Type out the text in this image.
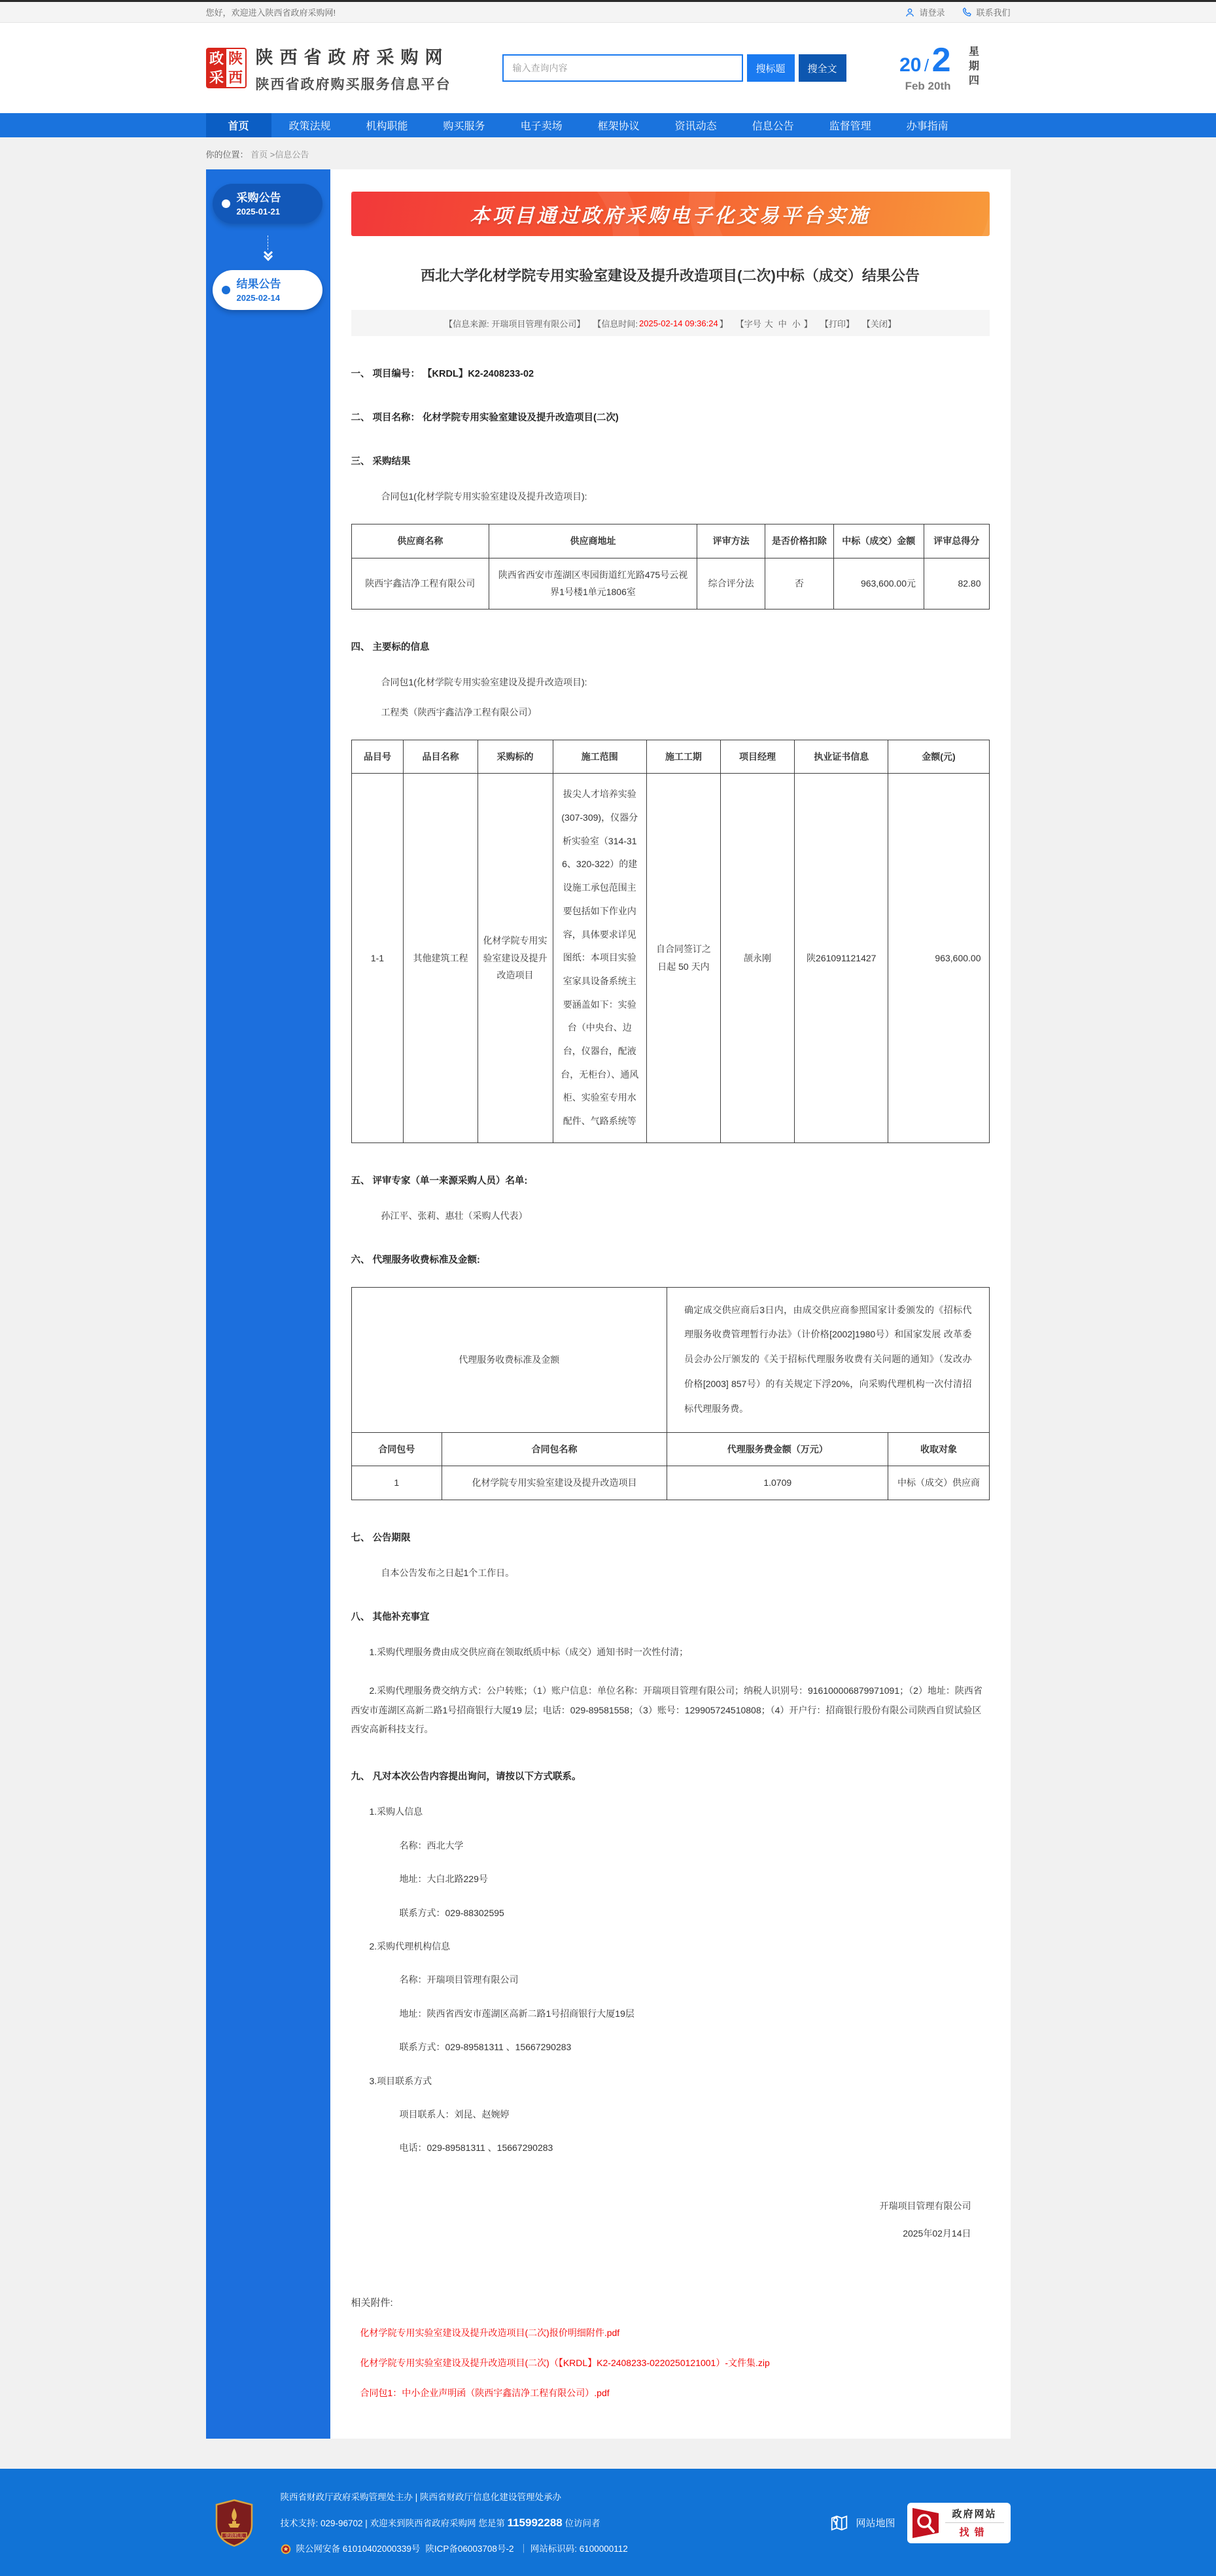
您好，欢迎进入陕西省政府采购网!	请登录	联系我们
政
采
陕
西
陕西省政府采购网
陕西省政府购买服务信息平台
输入查询内容
搜标题	搜全文	20 / 2
Feb 20th 星期四
首页	政策法规	机构职能	购买服务	电子卖场	框架协议	资讯动态	信息公告	监督管理	办事指南
你的位置： 首页 >信息公告
采购公告
2025-01-21
结果公告
2025-02-14
本项目通过政府采购电子化交易平台实施
西北大学化材学院专用实验室建设及提升改造项目(二次)中标（成交）结果公告
【信息来源: 开瑞项目管理有限公司】 【信息时间: 2025-02-14 09:36:24 】 【字号 大 中 小 】 【打印】 【关闭】
一、 项目编号： 【KRDL】K2-2408233-02
二、 项目名称： 化材学院专用实验室建设及提升改造项目(二次)
三、 采购结果
合同包1(化材学院专用实验室建设及提升改造项目):
供应商名称	供应商地址	评审方法	是否价格扣除	中标（成交）金额	评审总得分
陕西宇鑫洁净工程有限公司	陕西省西安市莲湖区枣园街道红光路475号云视界1号楼1单元1806室	综合评分法	否	963,600.00元	82.80
四、 主要标的信息
合同包1(化材学院专用实验室建设及提升改造项目):
工程类（陕西宇鑫洁净工程有限公司）
品目号	品目名称	采购标的	施工范围	施工工期	项目经理	执业证书信息	金额(元)
1-1	其他建筑工程	化材学院专用实验室建设及提升改造项目	拔尖人才培养实验(307-309)，仪器分析实验室（314-316、320-322）的建设施工承包范围主要包括如下作业内容，具体要求详见图纸：本项目实验室家具设备系统主要涵盖如下：实验台（中央台、边台，仪器台，配液台，无柜台）、通风柜、实验室专用水配件、气路系统等	自合同签订之日起 50 天内	颉永刚	陕261091121427	963,600.00
五、 评审专家（单一来源采购人员）名单:
孙江平、张莉、惠壮（采购人代表）
六、 代理服务收费标准及金额:
代理服务收费标准及金额		确定成交供应商后3日内，由成交供应商参照国家计委颁发的《招标代理服务收费管理暂行办法》（计价格[2002]1980号）和国家发展 改革委员会办公厅颁发的《关于招标代理服务收费有关问题的通知》（发改办价格[2003] 857号）的有关规定下浮20%，向采购代理机构一次付清招标代理服务费。	
合同包号	合同包名称	代理服务费金额（万元）	收取对象
1	化材学院专用实验室建设及提升改造项目	1.0709	中标（成交）供应商
七、 公告期限
自本公告发布之日起1个工作日。
八、 其他补充事宜
1.采购代理服务费由成交供应商在领取纸质中标（成交）通知书时一次性付清；
2.采购代理服务费交纳方式：公户转账；（1）账户信息：单位名称：开瑞项目管理有限公司；纳税人识别号：916100006879971091；（2）地址：陕西省西安市莲湖区高新二路1号招商银行大厦19 层；电话：029-89581558；（3）账号：129905724510808；（4）开户行：招商银行股份有限公司陕西自贸试验区西安高新科技支行。
九、 凡对本次公告内容提出询问，请按以下方式联系。
1.采购人信息
名称：西北大学
地址：大白北路229号
联系方式：029-88302595
2.采购代理机构信息
名称：开瑞项目管理有限公司
地址：陕西省西安市莲湖区高新二路1号招商银行大厦19层
联系方式：029-89581311 、15667290283
3.项目联系方式
项目联系人：刘昆、赵婉婷
电话：029-89581311 、15667290283
开瑞项目管理有限公司
2025年02月14日
相关附件:
化材学院专用实验室建设及提升改造项目(二次)报价明细附件.pdf
化材学院专用实验室建设及提升改造项目(二次)（【KRDL】K2-2408233-0220250121001）-文件集.zip
合同包1：中小企业声明函（陕西宇鑫洁净工程有限公司）.pdf
党政机关
陕西省财政厅政府采购管理处主办 | 陕西省财政厅信息化建设管理处承办
技术支持: 029-96702 | 欢迎来到陕西省政府采购网 您是第 115992288 位访问者
陕公网安备 61010402000339号 陕ICP备06003708号-2 ｜ 网站标识码: 6100000112
网站地图
政府网站
找错
